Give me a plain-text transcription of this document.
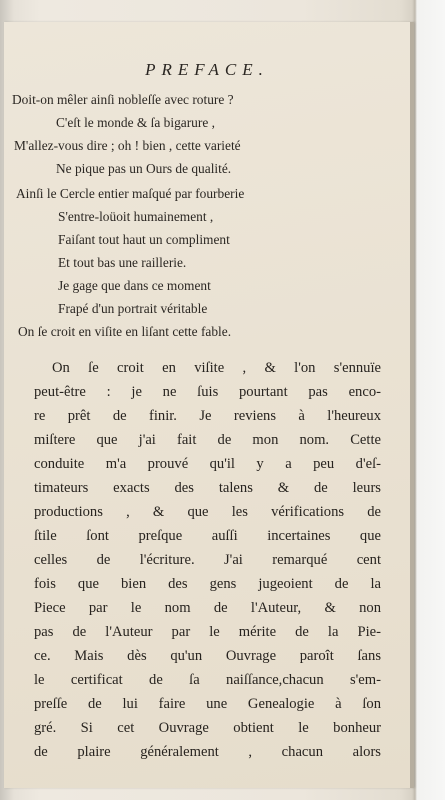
PREFACE.
Doit-on mêler ainſi nobleſſe avec roture ?
C'eſt le monde & ſa bigarure ,
M'allez-vous dire ; oh ! bien , cette varieté
Ne pique pas un Ours de qualité.
Ainſi le Cercle entier maſqué par fourberie
S'entre-loüoit humainement ,
Faiſant tout haut un compliment
Et tout bas une raillerie.
Je gage que dans ce moment
Frapé d'un portrait véritable
On ſe croit en viſite en liſant cette fable.
On ſe croit en viſite , & l'on s'ennuïe
peut-être : je ne ſuis pourtant pas enco-
re prêt de finir. Je reviens à l'heureux
miſtere que j'ai fait de mon nom. Cette
conduite m'a prouvé qu'il y a peu d'eſ-
timateurs exacts des talens & de leurs
productions , & que les vérifications de
ſtile ſont preſque auſſi incertaines que
celles de l'écriture. J'ai remarqué cent
fois que bien des gens jugeoient de la
Piece par le nom de l'Auteur, & non
pas de l'Auteur par le mérite de la Pie-
ce. Mais dès qu'un Ouvrage paroît ſans
le certificat de ſa naiſſance,chacun s'em-
preſſe de lui faire une Genealogie à ſon
gré. Si cet Ouvrage obtient le bonheur
de plaire généralement , chacun alors
